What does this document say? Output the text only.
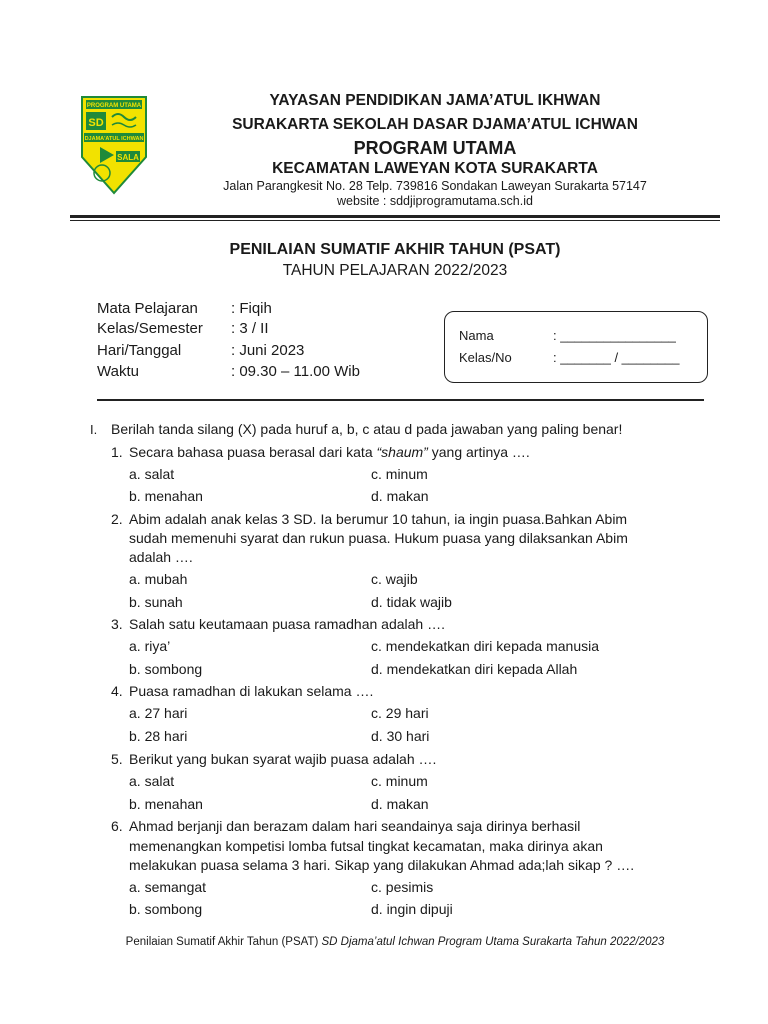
PROGRAM UTAMA
SD
DJAMA'ATUL ICHWAN
SALA
YAYASAN PENDIDIKAN JAMA’ATUL IKHWAN
SURAKARTA SEKOLAH DASAR DJAMA’ATUL ICHWAN
PROGRAM UTAMA
KECAMATAN LAWEYAN KOTA SURAKARTA
Jalan Parangkesit No. 28 Telp. 739816 Sondakan Laweyan Surakarta 57147
website : sddjiprogramutama.sch.id
PENILAIAN SUMATIF AKHIR TAHUN (PSAT)
TAHUN PELAJARAN 2022/2023
Mata Pelajaran : Fiqih
Kelas/Semester : 3 / II
Hari/Tanggal	: Juni 2023
Waktu	: 09.30 – 11.00 Wib
Nama	: ________________
Kelas/No	: _______ / ________
I. Berilah tanda silang (X) pada huruf a, b, c atau d pada jawaban yang paling benar!
1. Secara bahasa puasa berasal dari kata “shaum” yang artinya ….
a. salat	c. minum
b. menahan	d. makan
2. Abim adalah anak kelas 3 SD. Ia berumur 10 tahun, ia ingin puasa.Bahkan Abim
sudah memenuhi syarat dan rukun puasa. Hukum puasa yang dilaksankan Abim
adalah ….
a. mubah	c. wajib
b. sunah	d. tidak wajib
3. Salah satu keutamaan puasa ramadhan adalah ….
a. riya’	c. mendekatkan diri kepada manusia
b. sombong	d. mendekatkan diri kepada Allah
4. Puasa ramadhan di lakukan selama ….
a. 27 hari	c. 29 hari
b. 28 hari	d. 30 hari
5. Berikut yang bukan syarat wajib puasa adalah ….
a. salat	c. minum
b. menahan	d. makan
6. Ahmad berjanji dan berazam dalam hari seandainya saja dirinya berhasil
memenangkan kompetisi lomba futsal tingkat kecamatan, maka dirinya akan
melakukan puasa selama 3 hari. Sikap yang dilakukan Ahmad ada;lah sikap ? ….
a. semangat	c. pesimis
b. sombong	d. ingin dipuji
Penilaian Sumatif Akhir Tahun (PSAT) SD Djama’atul Ichwan Program Utama Surakarta Tahun 2022/2023
